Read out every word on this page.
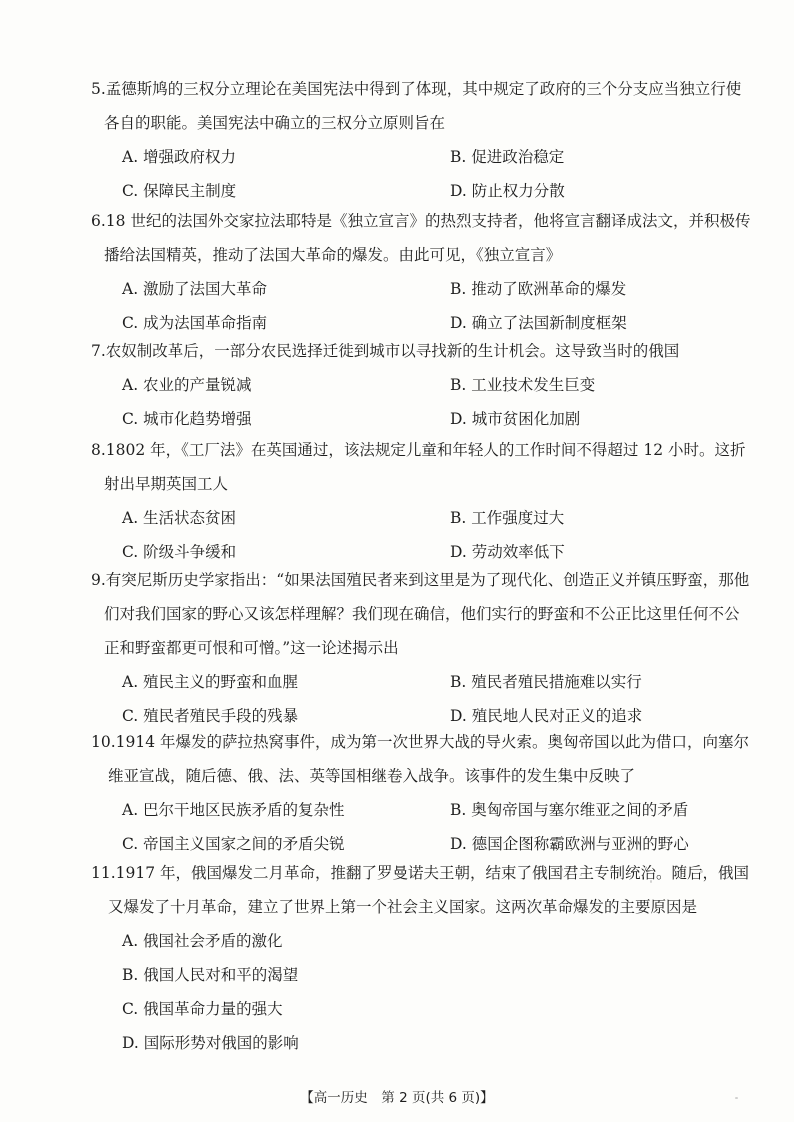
5.孟德斯鸠的三权分立理论在美国宪法中得到了体现，其中规定了政府的三个分支应当独立行使各自的职能。美国宪法中确立的三权分立原则旨在
A. 增强政府权力	B. 促进政治稳定
C. 保障民主制度	D. 防止权力分散
6.18 世纪的法国外交家拉法耶特是《独立宣言》的热烈支持者，他将宣言翻译成法文，并积极传播给法国精英，推动了法国大革命的爆发。由此可见，《独立宣言》
A. 激励了法国大革命	B. 推动了欧洲革命的爆发
C. 成为法国革命指南	D. 确立了法国新制度框架
7.农奴制改革后，一部分农民选择迁徙到城市以寻找新的生计机会。这导致当时的俄国
A. 农业的产量锐减	B. 工业技术发生巨变
C. 城市化趋势增强	D. 城市贫困化加剧
8.1802 年，《工厂法》在英国通过，该法规定儿童和年轻人的工作时间不得超过 12 小时。这折射出早期英国工人
A. 生活状态贫困	B. 工作强度过大
C. 阶级斗争缓和	D. 劳动效率低下
9.有突尼斯历史学家指出：“如果法国殖民者来到这里是为了现代化、创造正义并镇压野蛮，那他们对我们国家的野心又该怎样理解？我们现在确信，他们实行的野蛮和不公正比这里任何不公正和野蛮都更可恨和可憎。”这一论述揭示出
A. 殖民主义的野蛮和血腥	B. 殖民者殖民措施难以实行
C. 殖民者殖民手段的残暴	D. 殖民地人民对正义的追求
10.1914 年爆发的萨拉热窝事件，成为第一次世界大战的导火索。奥匈帝国以此为借口，向塞尔维亚宣战，随后德、俄、法、英等国相继卷入战争。该事件的发生集中反映了
A. 巴尔干地区民族矛盾的复杂性	B. 奥匈帝国与塞尔维亚之间的矛盾
C. 帝国主义国家之间的矛盾尖锐	D. 德国企图称霸欧洲与亚洲的野心
11.1917 年，俄国爆发二月革命，推翻了罗曼诺夫王朝，结束了俄国君主专制统治。随后，俄国又爆发了十月革命，建立了世界上第一个社会主义国家。这两次革命爆发的主要原因是
A. 俄国社会矛盾的激化
B. 俄国人民对和平的渴望
C. 俄国革命力量的强大
D. 国际形势对俄国的影响
【高一历史　第 2 页(共 6 页)】
